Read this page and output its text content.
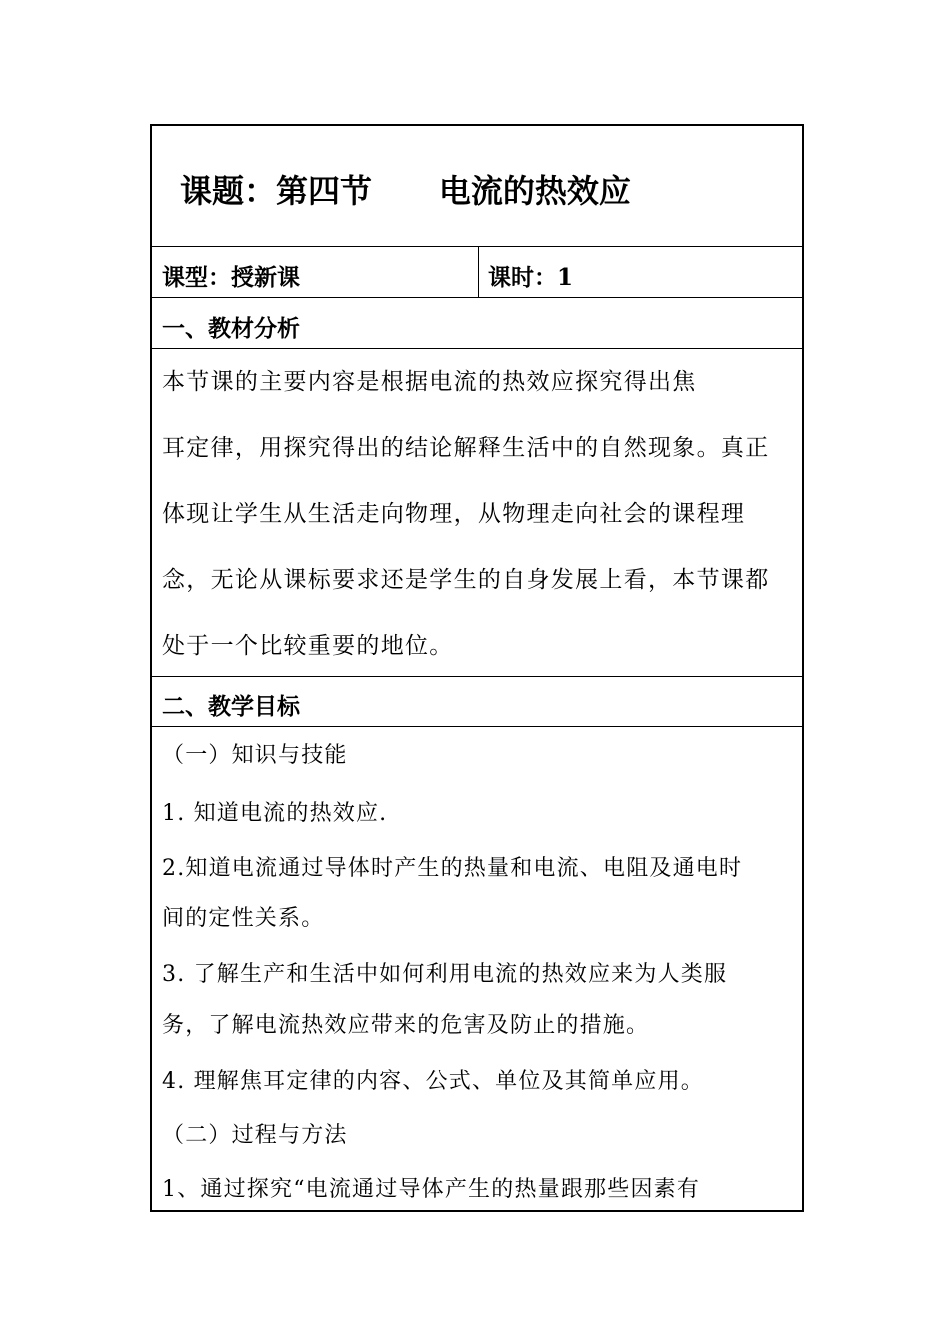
课题：第四节      电流的热效应
课型：授新课	课时：1
一、教材分析
本节课的主要内容是根据电流的热效应探究得出焦
耳定律，用探究得出的结论解释生活中的自然现象。真正
体现让学生从生活走向物理，从物理走向社会的课程理
念，无论从课标要求还是学生的自身发展上看，本节课都
处于一个比较重要的地位。
二、教学目标
（一）知识与技能
1. 知道电流的热效应.
2.知道电流通过导体时产生的热量和电流、电阻及通电时
间的定性关系。
3. 了解生产和生活中如何利用电流的热效应来为人类服
务，了解电流热效应带来的危害及防止的措施。
4. 理解焦耳定律的内容、公式、单位及其简单应用。
（二）过程与方法
1、通过探究“电流通过导体产生的热量跟那些因素有
